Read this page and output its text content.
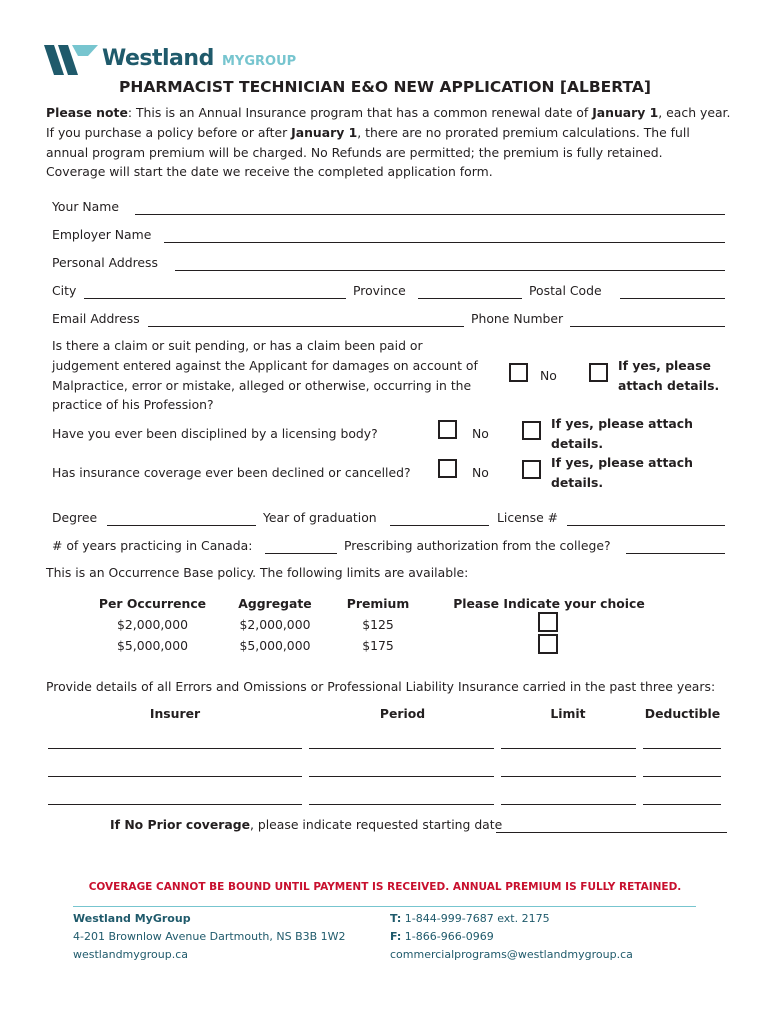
Westland MYGROUP
PHARMACIST TECHNICIAN E&O NEW APPLICATION [ALBERTA]
Please note: This is an Annual Insurance program that has a common renewal date of January 1, each year.
If you purchase a policy before or after January 1, there are no prorated premium calculations. The full
annual program premium will be charged. No Refunds are permitted; the premium is fully retained.
Coverage will start the date we receive the completed application form.
Your Name
Employer Name
Personal Address
City	Province	Postal Code
Email Address	Phone Number
Is there a claim or suit pending, or has a claim been paid or
judgement entered against the Applicant for damages on account of
Malpractice, error or mistake, alleged or otherwise, occurring in the
practice of his Profession?
No
If yes, please
attach details.
Have you ever been disciplined by a licensing body?	No
If yes, please attach
details.
Has insurance coverage ever been declined or cancelled?	No
If yes, please attach
details.
Degree	Year of graduation	License #
# of years practicing in Canada:	Prescribing authorization from the college?
This is an Occurrence Base policy. The following limits are available:
Per Occurrence	Aggregate	Premium	Please Indicate your choice
$2,000,000	$2,000,000	$125
$5,000,000	$5,000,000	$175
Provide details of all Errors and Omissions or Professional Liability Insurance carried in the past three years:
Insurer	Period	Limit	Deductible
If No Prior coverage, please indicate requested starting date
COVERAGE CANNOT BE BOUND UNTIL PAYMENT IS RECEIVED. ANNUAL PREMIUM IS FULLY RETAINED.
Westland MyGroup
4-201 Brownlow Avenue Dartmouth, NS B3B 1W2
westlandmygroup.ca
T: 1-844-999-7687 ext. 2175
F: 1-866-966-0969
commercialprograms@westlandmygroup.ca
